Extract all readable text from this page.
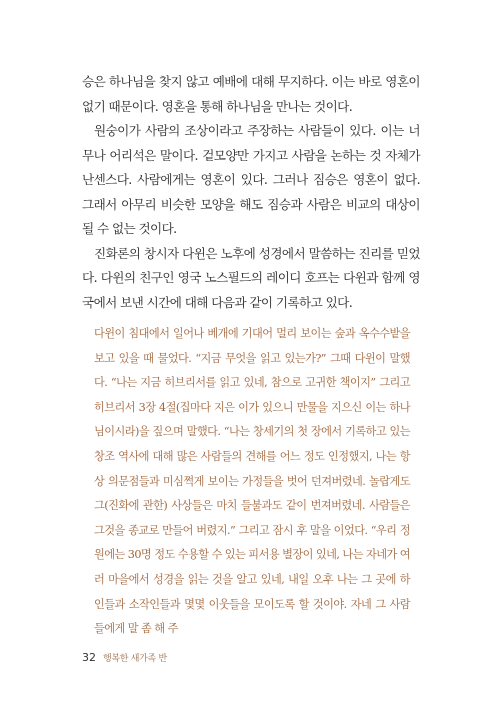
승은 하나님을 찾지 않고 예배에 대해 무지하다. 이는 바로 영혼이 없기 때문이다. 영혼을 통해 하나님을 만나는 것이다.

원숭이가 사람의 조상이라고 주장하는 사람들이 있다. 이는 너무나 어리석은 말이다. 겉모양만 가지고 사람을 논하는 것 자체가 난센스다. 사람에게는 영혼이 있다. 그러나 짐승은 영혼이 없다. 그래서 아무리 비슷한 모양을 해도 짐승과 사람은 비교의 대상이 될 수 없는 것이다.

진화론의 창시자 다윈은 노후에 성경에서 말씀하는 진리를 믿었다. 다윈의 친구인 영국 노스필드의 레이디 호프는 다윈과 함께 영국에서 보낸 시간에 대해 다음과 같이 기록하고 있다.

다윈이 침대에서 일어나 베개에 기대어 멀리 보이는 숲과 옥수수밭을 보고 있을 때 물었다. “지금 무엇을 읽고 있는가?” 그때 다윈이 말했다. “나는 지금 히브리서를 읽고 있네, 참으로 고귀한 책이지” 그리고 히브리서 3장 4절(집마다 지은 이가 있으니 만물을 지으신 이는 하나님이시라)을 짚으며 말했다. “나는 창세기의 첫 장에서 기록하고 있는 창조 역사에 대해 많은 사람들의 견해를 어느 정도 인정했지, 나는 항상 의문점들과 미심쩍게 보이는 가정들을 벗어 던져버렸네. 놀랍게도 그(진화에 관한) 사상들은 마치 들불과도 같이 번져버렸네. 사람들은 그것을 종교로 만들어 버렸지.” 그리고 잠시 후 말을 이었다. “우리 정원에는 30명 정도 수용할 수 있는 피서용 별장이 있네, 나는 자네가 여러 마을에서 성경을 읽는 것을 알고 있네, 내일 오후 나는 그 곳에 하인들과 소작인들과 몇몇 이웃들을 모이도록 할 것이야. 자네 그 사람들에게 말 좀 해 주

32 행복한 새가족 반
